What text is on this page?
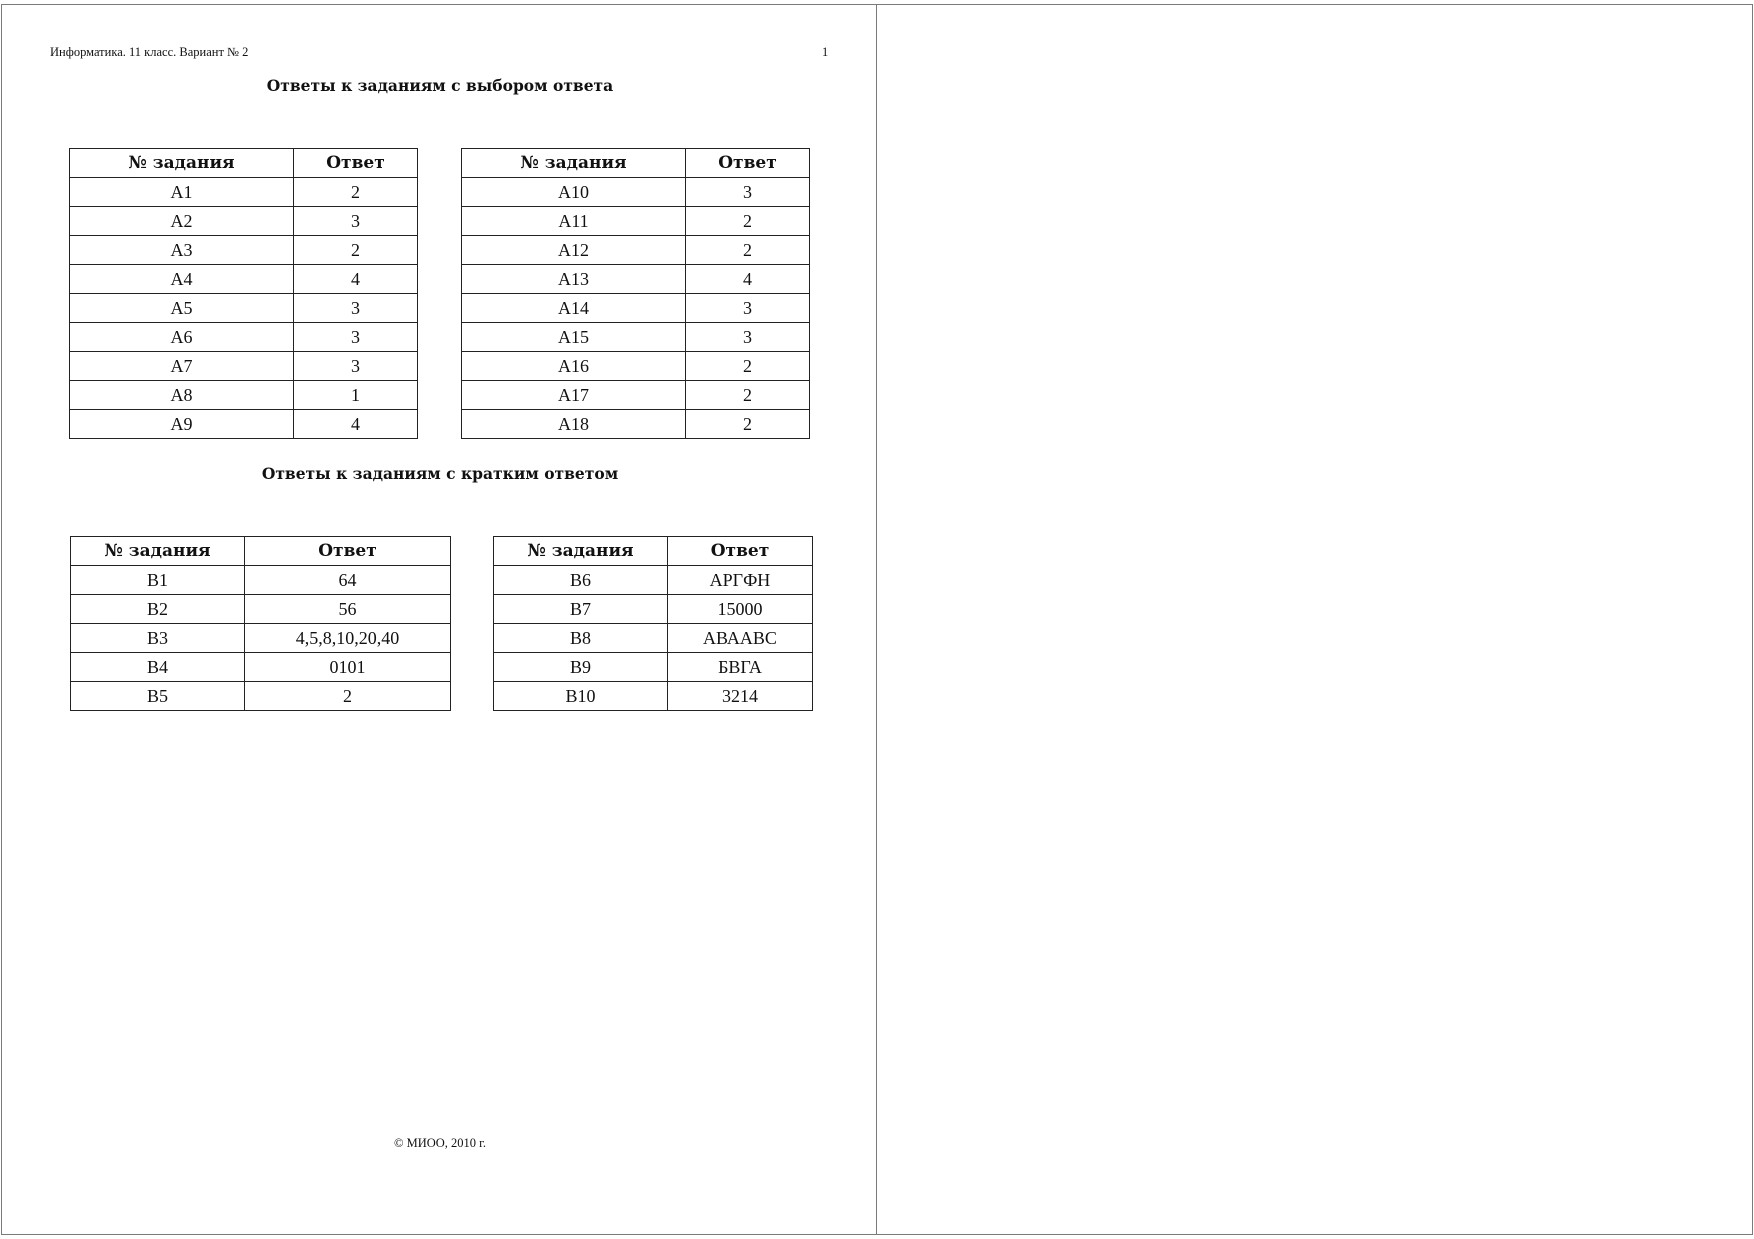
Информатика. 11 класс. Вариант № 2	1
Ответы к заданиям с выбором ответа
№ задания	Ответ
А1	2
А2	3
А3	2
А4	4
А5	3
А6	3
А7	3
А8	1
А9	4
№ задания	Ответ
А10	3
А11	2
А12	2
А13	4
А14	3
А15	3
А16	2
А17	2
А18	2
Ответы к заданиям с кратким ответом
№ задания	Ответ
В1	64
В2	56
В3	4,5,8,10,20,40
В4	0101
В5	2
№ задания	Ответ
В6	АРГФН
В7	15000
В8	АВААВС
В9	БВГА
В10	3214
© МИОО, 2010 г.
